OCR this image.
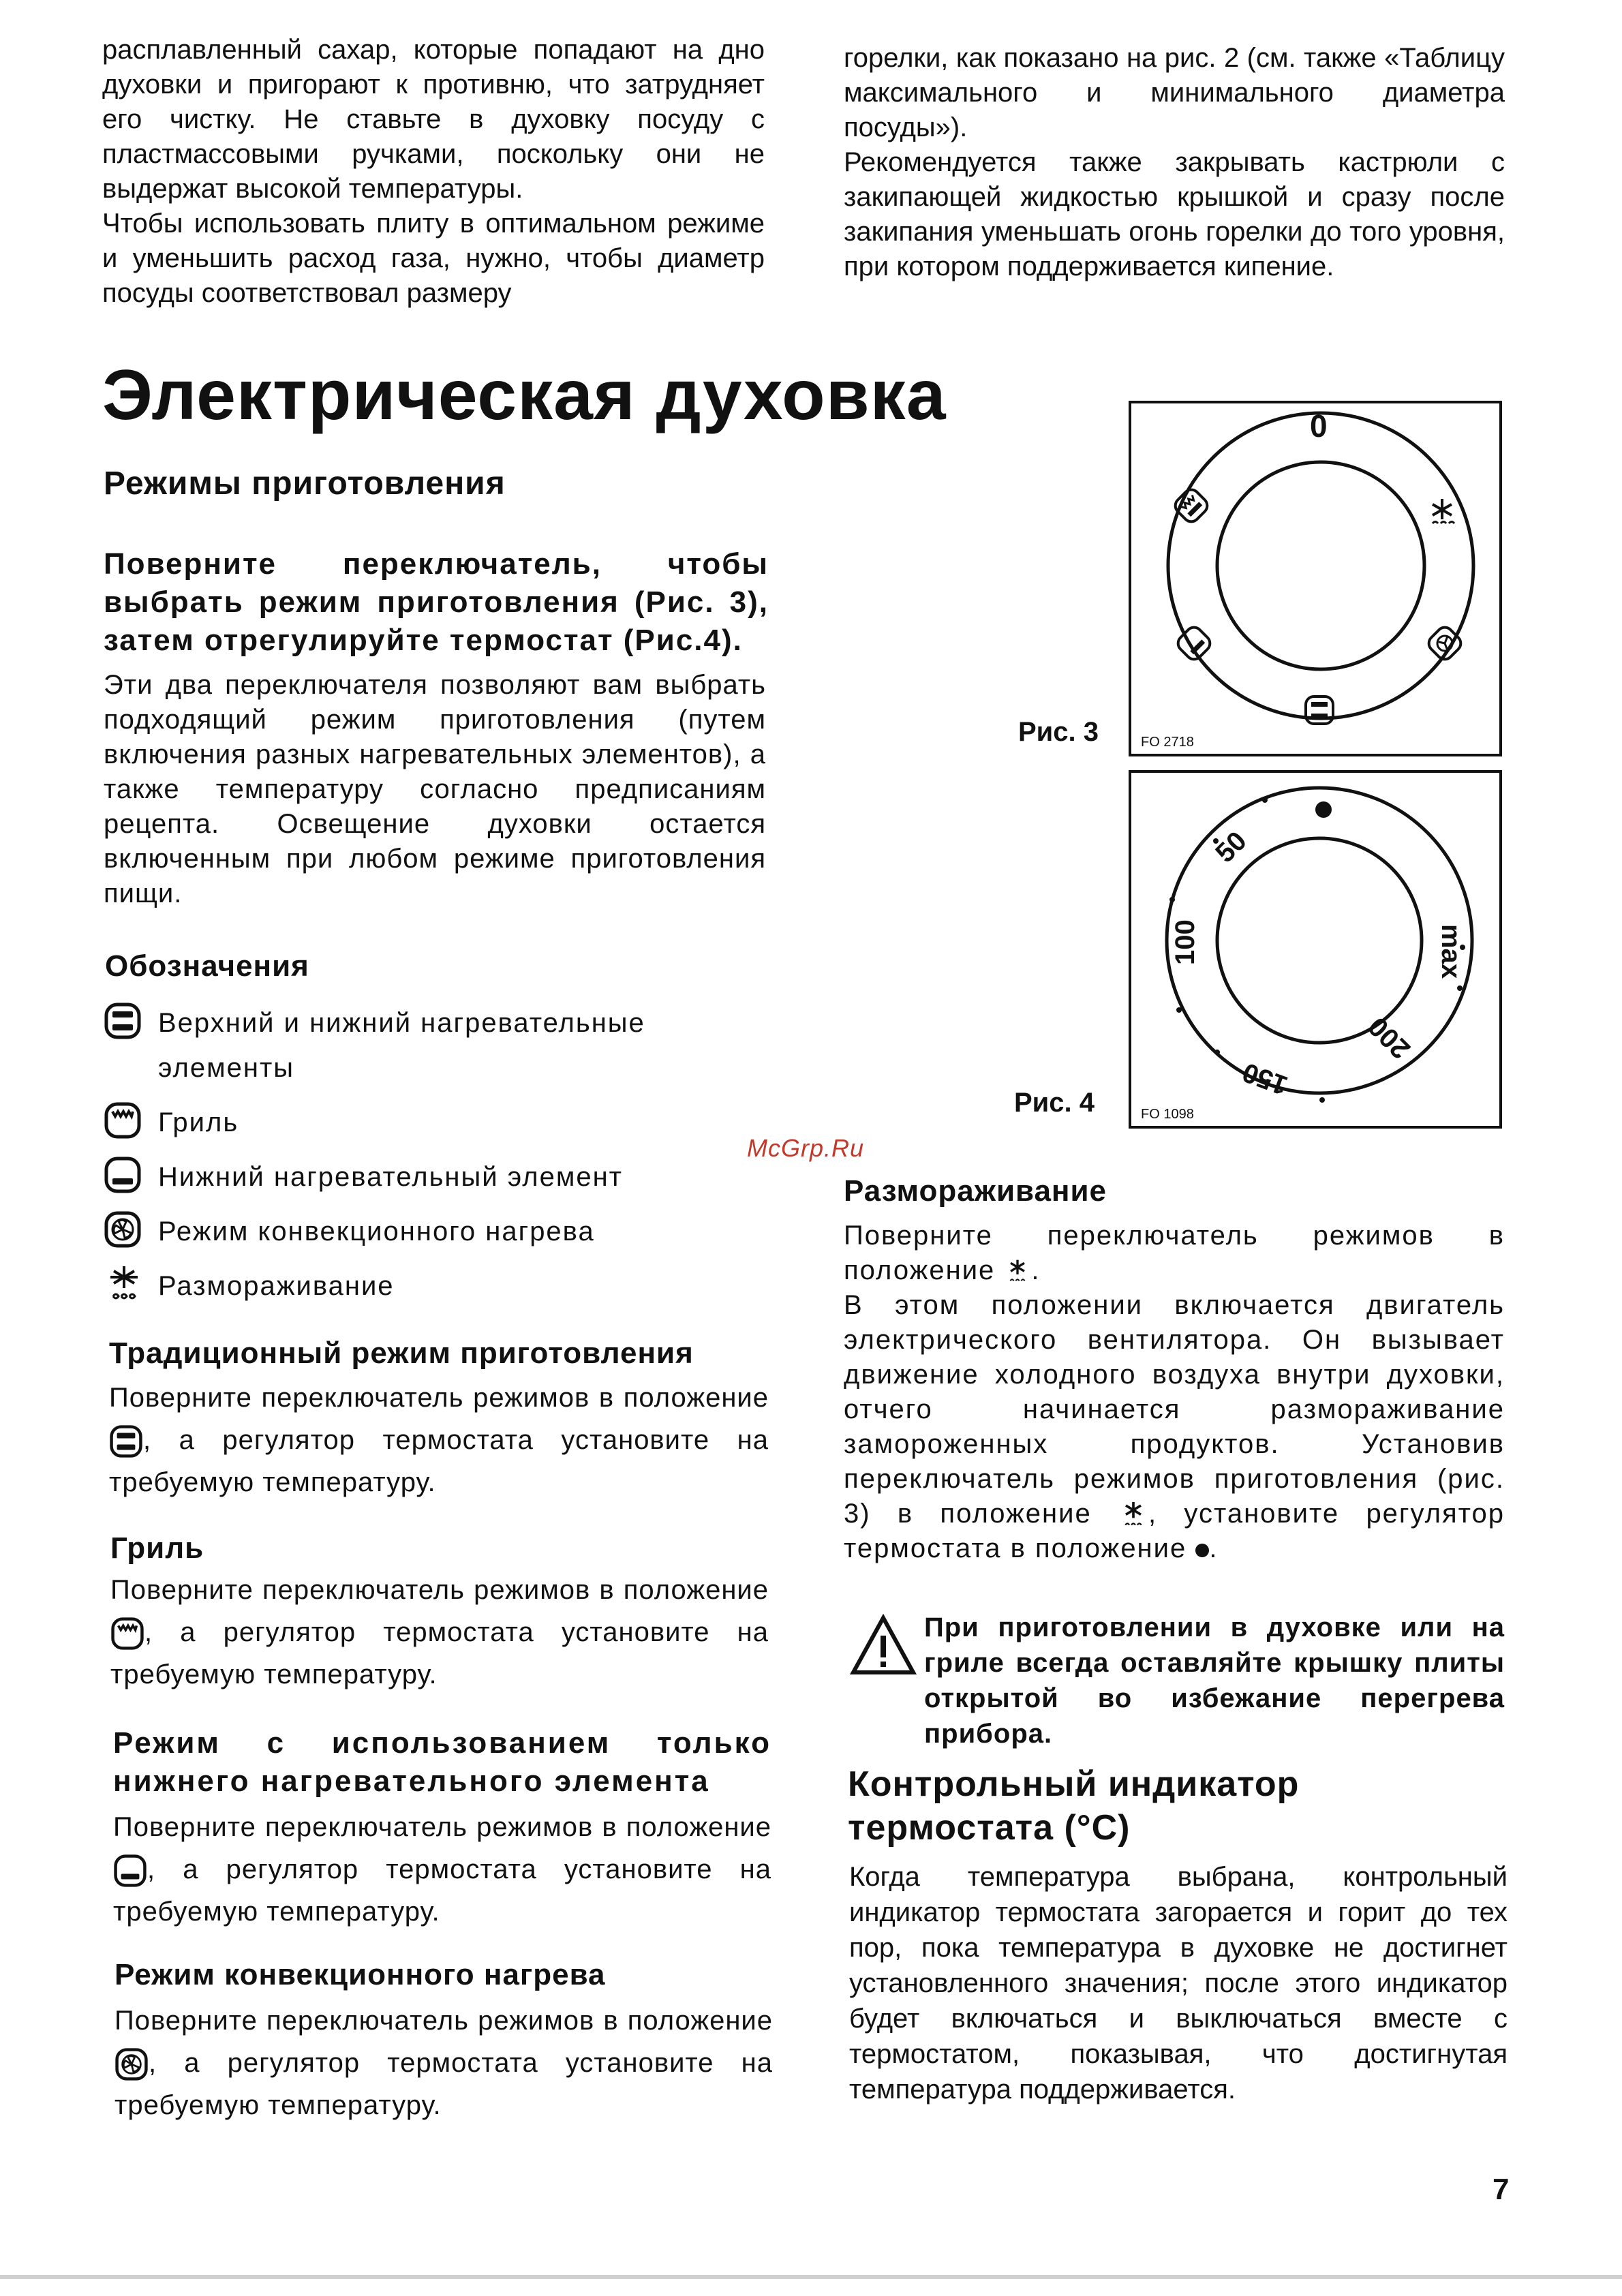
расплавленный сахар, которые попадают на дно духовки и пригорают к противню, что затрудняет его чистку. Не ставьте в духовку посуду с пластмассовыми ручками, поскольку они не выдержат высокой температуры.

Чтобы использовать плиту в оптимальном режиме и уменьшить расход газа, нужно, чтобы диаметр посуды соответствовал размеру

горелки, как показано на рис. 2 (см. также «Таблицу максимального и минимального диаметра посуды»).

Рекомендуется также закрывать кастрюли с закипающей жидкостью крышкой и сразу после закипания уменьшать огонь горелки до того уровня, при котором поддерживается кипение.

Электрическая духовка
Режимы приготовления
Поверните переключатель, чтобы выбрать режим приготовления (Рис. 3), затем отрегулируйте термостат (Рис.4).

Эти два переключателя позволяют вам выбрать подходящий режим приготовления (путем включения разных нагревательных элементов), а также температуру согласно предписаниям рецепта. Освещение духовки остается включенным при любом режиме приготовления пищи.

Обозначения
Верхний и нижний нагревательные элементы
Гриль
Нижний нагревательный элемент
Режим конвекционного нагрева
Размораживание
Традиционный режим приготовления
Поверните переключатель режимов в положение, а регулятор термостата установите на требуемую температуру.
Гриль
Поверните переключатель режимов в положение , а регулятор термостата установите на требуемую температуру.
Режим с использованием только нижнего нагревательного элемента
Поверните переключатель режимов в положение , а регулятор термостата установите на требуемую температуру.
Режим конвекционного нагрева
Поверните переключатель режимов в положение, а регулятор термостата установите на требуемую температуру.
Рис. 3
0
FO 2718
Рис. 4
50
100
150
200
max
FO 1098
McGrp.Ru
Размораживание

Поверните переключатель режимов в положение .

В этом положении включается двигатель электрического вентилятора. Он вызывает движение холодного воздуха внутри духовки, отчего начинается размораживание замороженных продуктов. Установив переключатель режимов приготовления (рис. 3) в положение , установите регулятор термостата в положение .

При приготовлении в духовке или на гриле всегда оставляйте крышку плиты открытой во избежание перегрева прибора.
Контрольный индикатор термостата (°C)

Когда температура выбрана, контрольный индикатор термостата загорается и горит до тех пор, пока температура в духовке не достигнет установленного значения; после этого индикатор будет включаться и выключаться вместе с термостатом, показывая, что достигнутая температура поддерживается.

7
